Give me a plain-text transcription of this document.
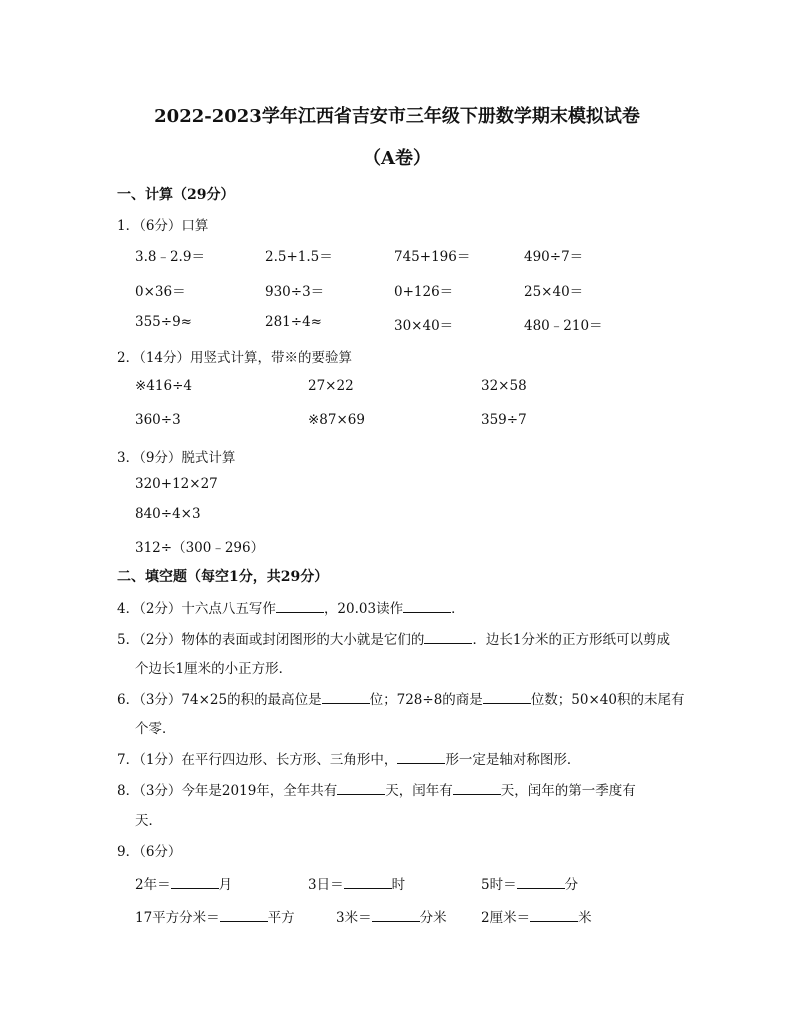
2022-2023学年江西省吉安市三年级下册数学期末模拟试卷
（A卷）
一、计算（29分）
1．（6分）口算
3.8﹣2.9＝	2.5+1.5＝	745+196＝	490÷7＝
0×36＝	930÷3＝	0+126＝	25×40＝
355÷9≈	281÷4≈	30×40＝	480﹣210＝
2．（14分）用竖式计算，带※的要验算
※416÷4	27×22	32×58
360÷3	※87×69	359÷7
3．（9分）脱式计算
320+12×27
840÷4×3
312÷（300﹣296）
二、填空题（每空1分，共29分）
4．（2分）十六点八五写作	，20.03读作	．
5．（2分）物体的表面或封闭图形的大小就是它们的	．边长1分米的正方形纸可以剪成
个边长1厘米的小正方形．
6．（3分）74×25的积的最高位是	位；728÷8的商是	位数；50×40积的末尾有
个零．
7．（1分）在平行四边形、长方形、三角形中，	形一定是轴对称图形．
8．（3分）今年是2019年，全年共有	天，闰年有	天，闰年的第一季度有
天．
9．（6分）
2年＝	月	3日＝	时	5时＝	分
17平方分米＝	平方	3米＝	分米	2厘米＝	米
